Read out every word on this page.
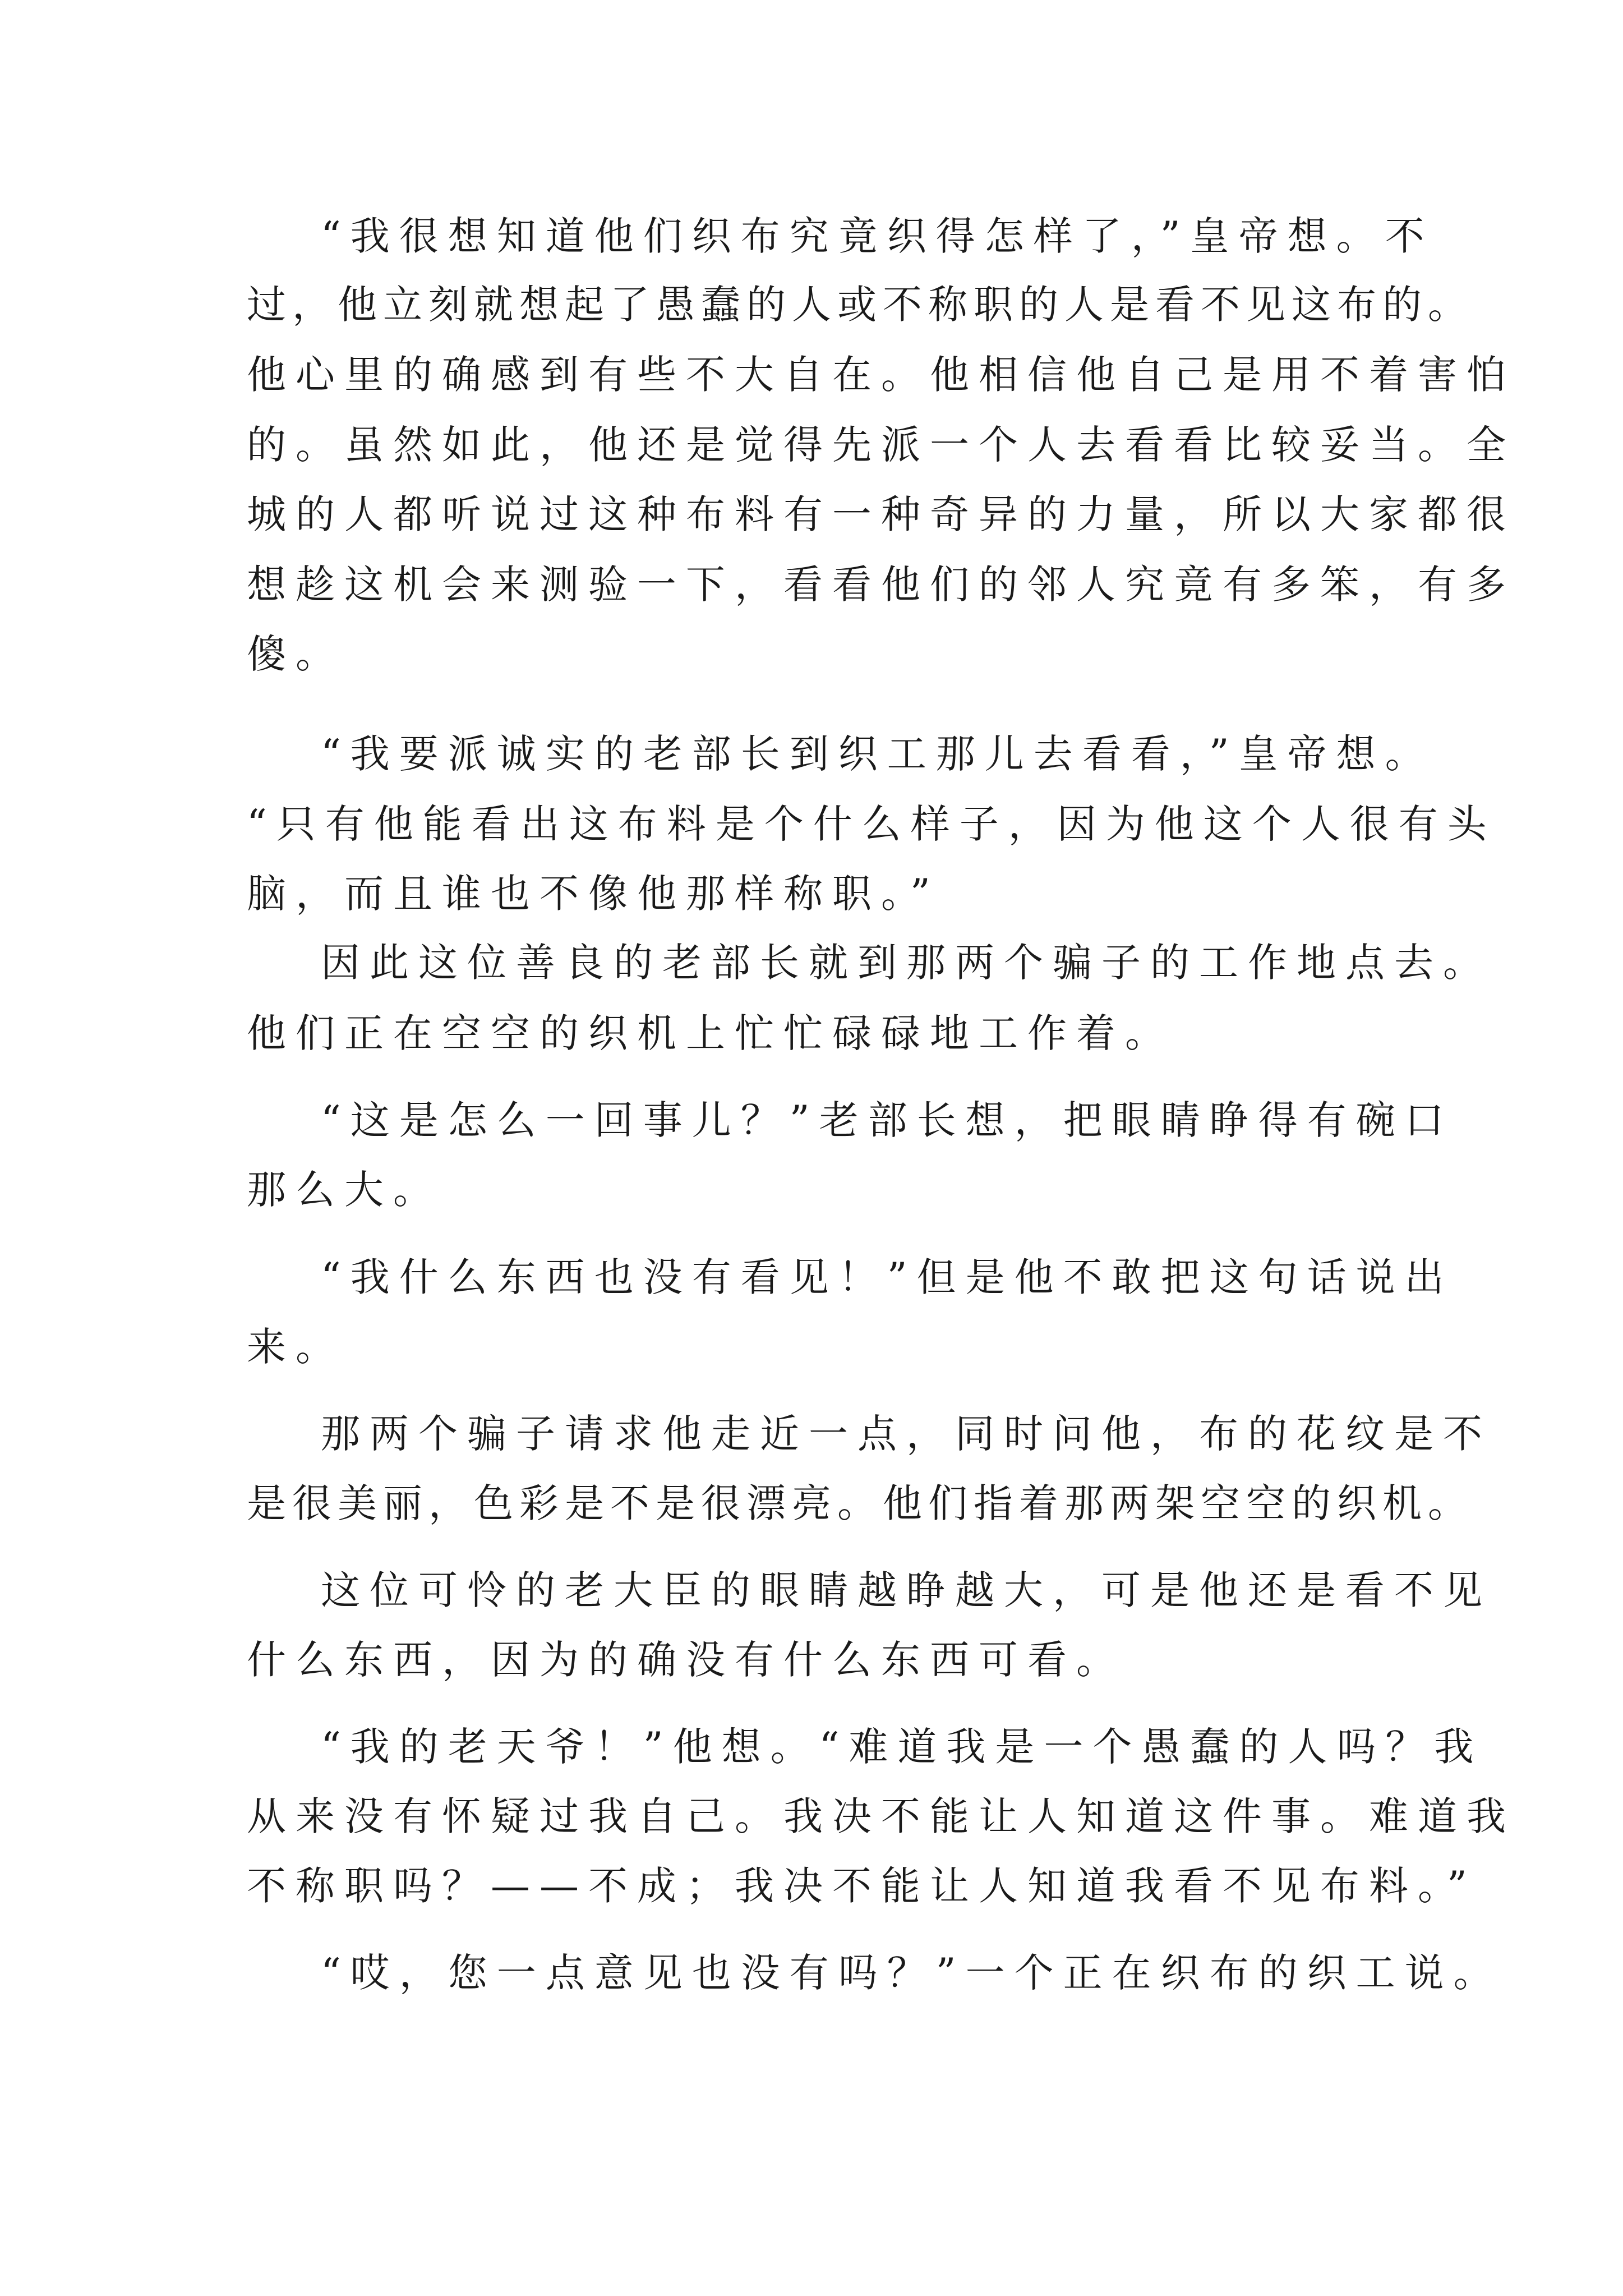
“我很想知道他们织布究竟织得怎样了，”皇帝想。不
过，他立刻就想起了愚蠢的人或不称职的人是看不见这布的。
他心里的确感到有些不大自在。他相信他自己是用不着害怕
的。虽然如此，他还是觉得先派一个人去看看比较妥当。全
城的人都听说过这种布料有一种奇异的力量，所以大家都很
想趁这机会来测验一下，看看他们的邻人究竟有多笨，有多
傻。
“我要派诚实的老部长到织工那儿去看看，”皇帝想。
“只有他能看出这布料是个什么样子，因为他这个人很有头
脑，而且谁也不像他那样称职。”
因此这位善良的老部长就到那两个骗子的工作地点去。
他们正在空空的织机上忙忙碌碌地工作着。
“这是怎么一回事儿？”老部长想，把眼睛睁得有碗口
那么大。
“我什么东西也没有看见！”但是他不敢把这句话说出
来。
那两个骗子请求他走近一点，同时问他，布的花纹是不
是很美丽，色彩是不是很漂亮。他们指着那两架空空的织机。
这位可怜的老大臣的眼睛越睁越大，可是他还是看不见
什么东西，因为的确没有什么东西可看。
“我的老天爷！”他想。“难道我是一个愚蠢的人吗？我
从来没有怀疑过我自己。我决不能让人知道这件事。难道我
不称职吗？——不成；我决不能让人知道我看不见布料。”
“哎，您一点意见也没有吗？”一个正在织布的织工说。
